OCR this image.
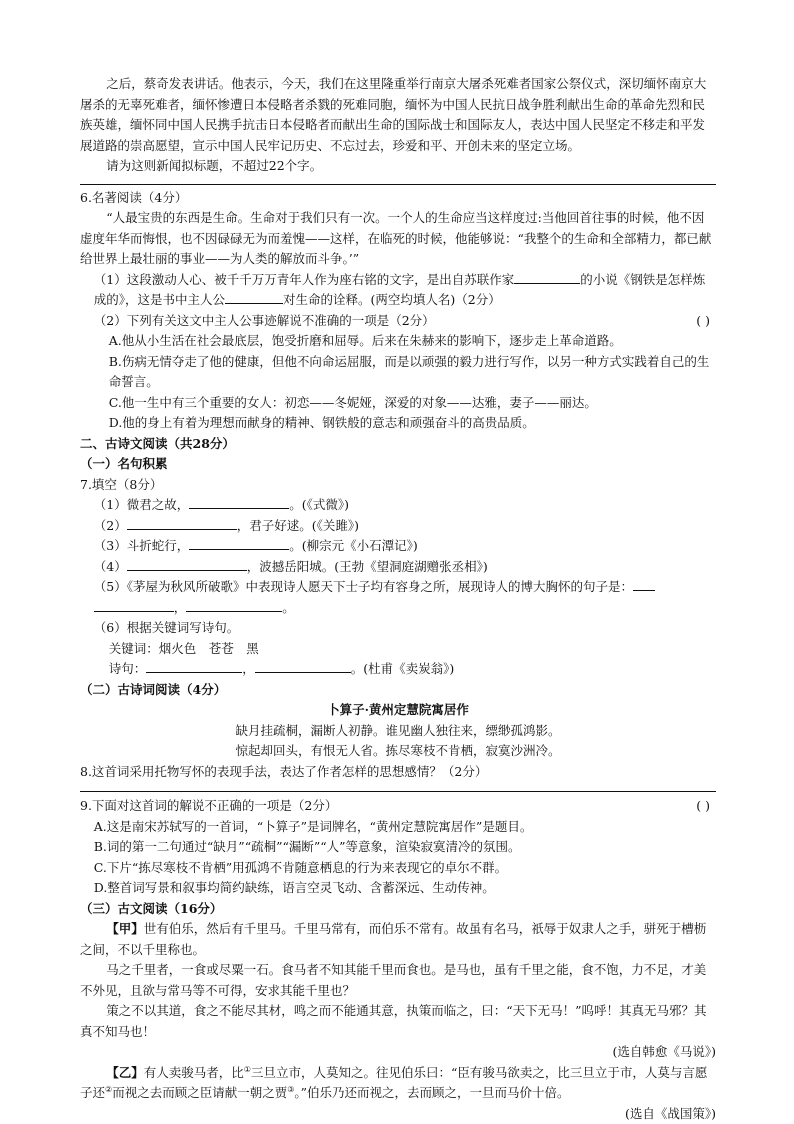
之后，蔡奇发表讲话。他表示，今天，我们在这里隆重举行南京大屠杀死难者国家公祭仪式，深切缅怀南京大屠杀的无辜死难者，缅怀惨遭日本侵略者杀戮的死难同胞，缅怀为中国人民抗日战争胜利献出生命的革命先烈和民族英雄，缅怀同中国人民携手抗击日本侵略者而献出生命的国际战士和国际友人，表达中国人民坚定不移走和平发展道路的崇高愿望，宣示中国人民牢记历史、不忘过去，珍爱和平、开创未来的坚定立场。

请为这则新闻拟标题，不超过22个字。

6.名著阅读（4分）

“人最宝贵的东西是生命。生命对于我们只有一次。一个人的生命应当这样度过:当他回首往事的时候，他不因虚度年华而悔恨，也不因碌碌无为而羞愧——这样，在临死的时候，他能够说：“我整个的生命和全部精力，都已献给世界上最壮丽的事业——为人类的解放而斗争。’”

（1）这段激动人心、被千千万万青年人作为座右铭的文字，是出自苏联作家	的小说《钢铁是怎样炼成的》，这是书中主人公	对生命的诠释。(两空均填人名)（2分）

( )
（2）下列有关这文中主人公事迹解说不准确的一项是（2分）

A.他从小生活在社会最底层，饱受折磨和屈辱。后来在朱赫来的影响下，逐步走上革命道路。

B.伤病无情夺走了他的健康，但他不向命运屈服，而是以顽强的毅力进行写作，以另一种方式实践着自己的生命誓言。

C.他一生中有三个重要的女人：初恋——冬妮娅，深爱的对象——达雅，妻子——丽达。

D.他的身上有着为理想而献身的精神、钢铁般的意志和顽强奋斗的高贵品质。

二、古诗文阅读（共28分）

（一）名句积累

7.填空（8分）

（1）微君之故，	。(《式微》)

（2）	，君子好逑。(《关雎》)

（3）斗折蛇行，	。(柳宗元《小石潭记》)

（4）	，波撼岳阳城。(王勃《望洞庭湖赠张丞相》)

（5）《茅屋为秋风所破歌》中表现诗人愿天下士子均有容身之所，展现诗人的博大胸怀的句子是：

，	。

（6）根据关键词写诗句。

关键词：烟火色　苍苍　黑

诗句：	，	。(杜甫《卖炭翁》)

（二）古诗词阅读（4分）

卜算子·黄州定慧院寓居作

缺月挂疏桐，漏断人初静。谁见幽人独往来，缥缈孤鸿影。

惊起却回头，有恨无人省。拣尽寒枝不肯栖，寂寞沙洲冷。

8.这首词采用托物写怀的表现手法，表达了作者怎样的思想感情？（2分）

( )
9.下面对这首词的解说不正确的一项是（2分）

A.这是南宋苏轼写的一首词，“卜算子”是词牌名，“黄州定慧院寓居作”是题目。

B.词的第一二句通过“缺月”“疏桐”“漏断”“人”等意象，渲染寂寞清冷的氛围。

C.下片“拣尽寒枝不肯栖”用孤鸿不肯随意栖息的行为来表现它的卓尔不群。

D.整首词写景和叙事均简约缺练，语言空灵飞动、含蓄深远、生动传神。

（三）古文阅读（16分）

【甲】世有伯乐，然后有千里马。千里马常有，而伯乐不常有。故虽有名马，祇辱于奴隶人之手，骈死于槽枥之间，不以千里称也。

马之千里者，一食或尽粟一石。食马者不知其能千里而食也。是马也，虽有千里之能，食不饱，力不足，才美不外见，且欲与常马等不可得，安求其能千里也？

策之不以其道，食之不能尽其材，鸣之而不能通其意，执策而临之，曰：“天下无马！”呜呼！其真无马邪？其真不知马也！

(选自韩愈《马说》)

【乙】有人卖骏马者，比①三旦立市，人莫知之。往见伯乐曰：“臣有骏马欲卖之，比三旦立于市，人莫与言愿子还②而视之去而顾之臣请献一朝之贾③。”伯乐乃还而视之，去而顾之，一旦而马价十倍。

(选自《战国策》)
